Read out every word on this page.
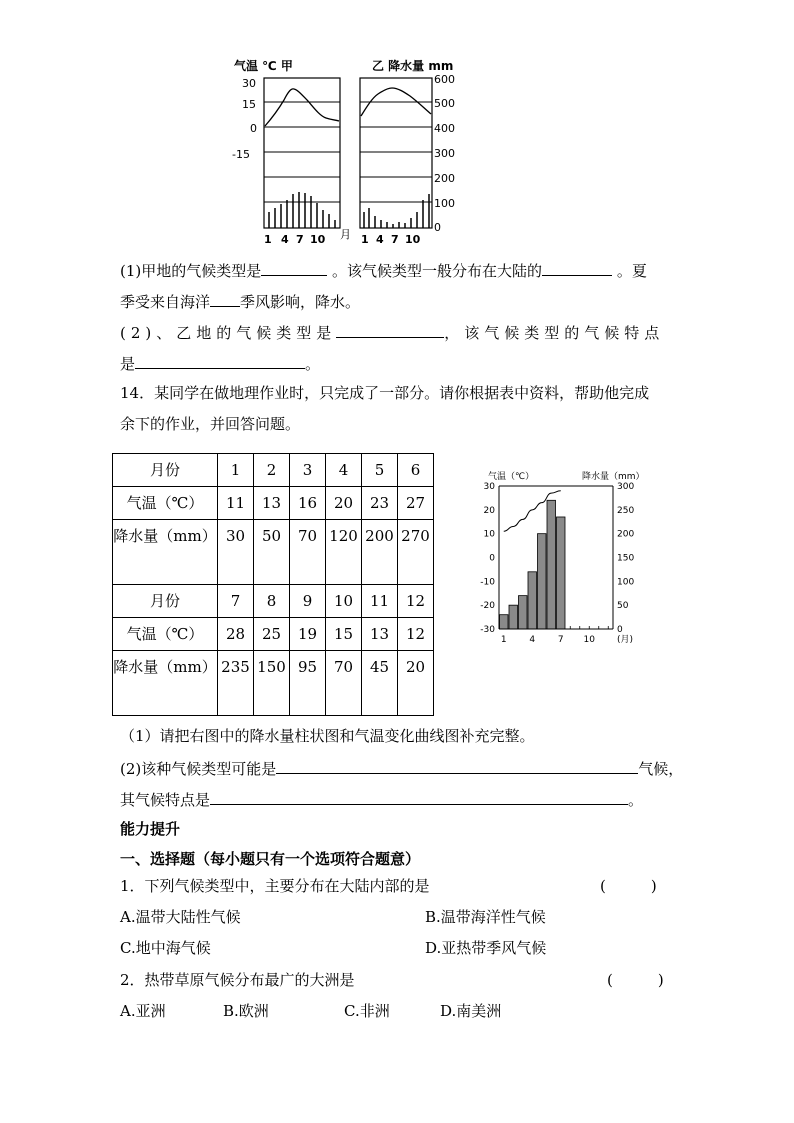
气温 ℃ 甲	乙 降水量 mm
30
15
0
-15
1 4 7 10 月 1 4 7 10
600
500
400
300
200
100
0
(1)甲地的气候类型是	。该气候类型一般分布在大陆的	。夏
季受来自海洋 季风影响，降水。
(2)、乙地的气候类型是	，该气候类型的气候特点
是	。
14．某同学在做地理作业时，只完成了一部分。请你根据表中资料，帮助他完成
余下的作业，并回答问题。
月份	1	2	3	4	5	6
气温（℃）	11	13	16	20	23	27
降水量（mm）	30	50	70	120	200	270
月份	7	8	9	10	11	12
气温（℃）	28	25	19	15	13	12
降水量（mm）	235	150	95	70	45	20
气温（℃）	降水量（mm）
30
20
10
0
-10
-20
-30
300
250
200
150
100
50
0
1	4	7 10 (月)
（1）请把右图中的降水量柱状图和气温变化曲线图补充完整。
(2)该种气候类型可能是	气候，
其气候特点是	。
能力提升
一、选择题（每小题只有一个选项符合题意）
1．下列气候类型中，主要分布在大陆内部的是	(　　　)
A.温带大陆性气候	B.温带海洋性气候
C.地中海气候	D.亚热带季风气候
2．热带草原气候分布最广的大洲是	(　　　)
A.亚洲	B.欧洲	C.非洲	D.南美洲
